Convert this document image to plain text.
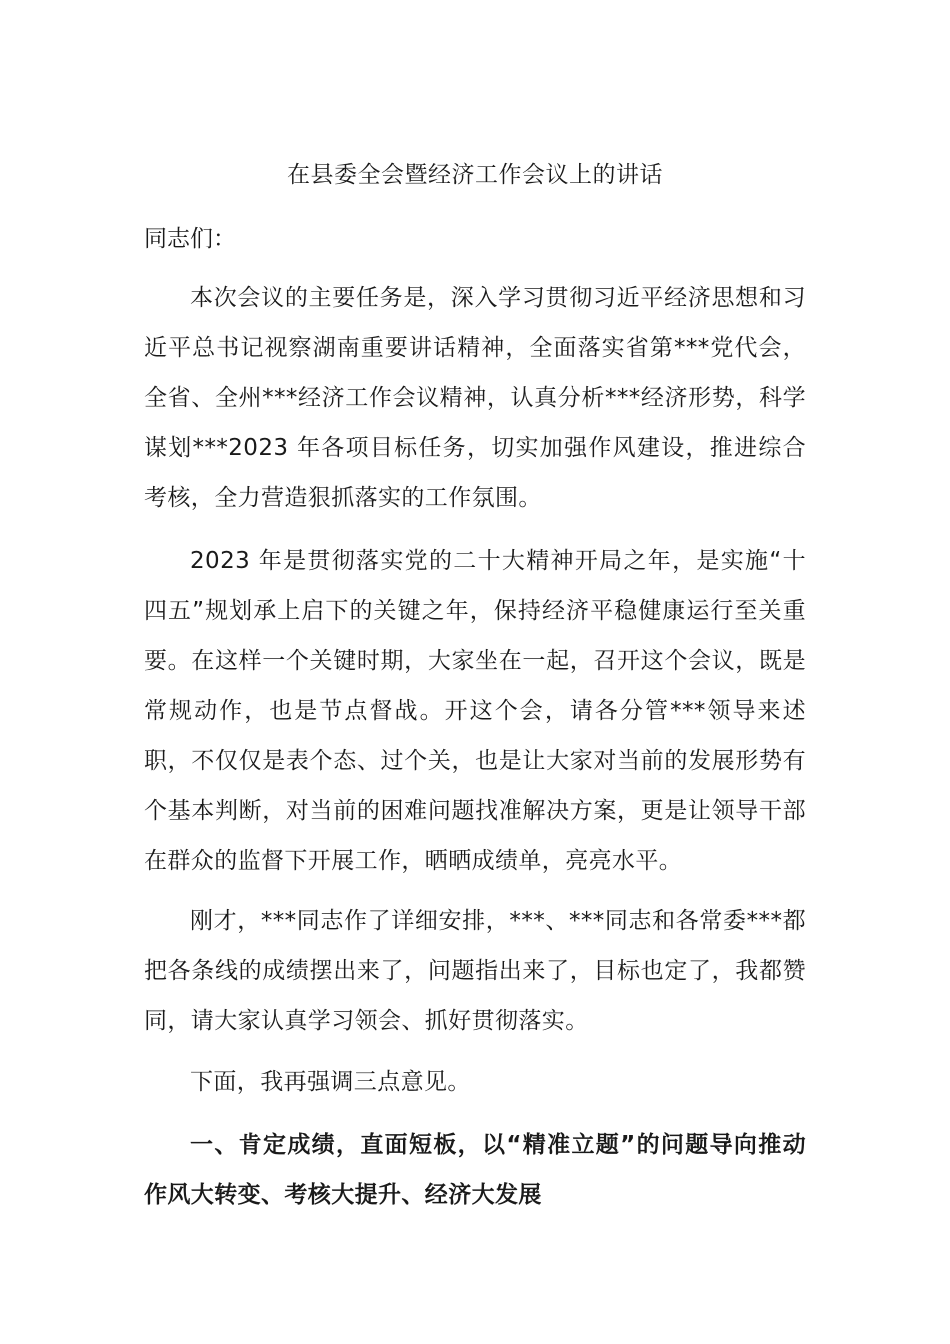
在县委全会暨经济工作会议上的讲话

同志们：

本次会议的主要任务是，深入学习贯彻习近平经济思想和习近平总书记视察湖南重要讲话精神，全面落实省第***党代会，全省、全州***经济工作会议精神，认真分析***经济形势，科学谋划***2023 年各项目标任务，切实加强作风建设，推进综合考核，全力营造狠抓落实的工作氛围。

2023 年是贯彻落实党的二十大精神开局之年，是实施“十四五”规划承上启下的关键之年，保持经济平稳健康运行至关重要。在这样一个关键时期，大家坐在一起，召开这个会议，既是常规动作，也是节点督战。开这个会，请各分管***领导来述职，不仅仅是表个态、过个关，也是让大家对当前的发展形势有个基本判断，对当前的困难问题找准解决方案，更是让领导干部在群众的监督下开展工作，晒晒成绩单，亮亮水平。

刚才，***同志作了详细安排，***、***同志和各常委***都把各条线的成绩摆出来了，问题指出来了，目标也定了，我都赞同，请大家认真学习领会、抓好贯彻落实。

下面，我再强调三点意见。

一、肯定成绩，直面短板，以“精准立题”的问题导向推动作风大转变、考核大提升、经济大发展
